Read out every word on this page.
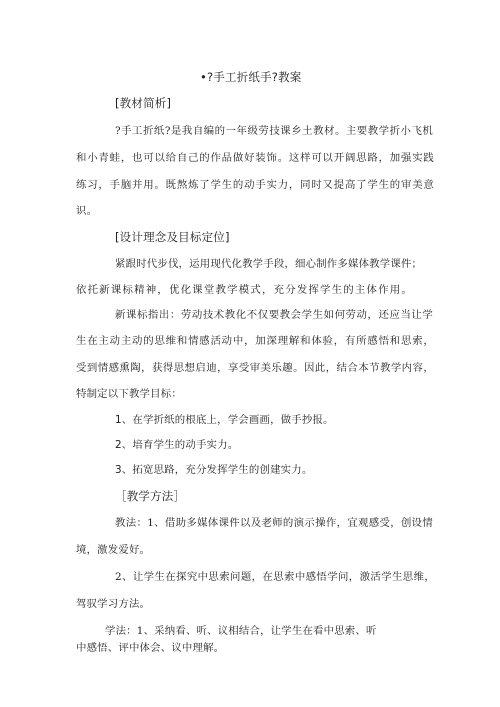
•?手工折纸手?教案
[教材简析]
?手工折纸?是我自编的一年级劳技课乡土教材。主要教学折小飞机
和小青蛙，也可以给自己的作品做好装饰。这样可以开阔思路，加强实践
练习，手脑并用。既熬炼了学生的动手实力，同时又提高了学生的审美意
识。
[设计理念及目标定位]
紧跟时代步伐，运用现代化教学手段，细心制作多媒体教学课件；
依托新课标精神，优化课堂教学模式，充分发挥学生的主体作用。
新课标指出：劳动技术教化不仅要教会学生如何劳动，还应当让学
生在主动主动的思维和情感活动中，加深理解和体验，有所感悟和思索，
受到情感熏陶，获得思想启迪，享受审美乐趣。因此，结合本节教学内容，
特制定以下教学目标：
1、在学折纸的根底上，学会画画，做手抄报。
2、培育学生的动手实力。
3、拓宽思路，充分发挥学生的创建实力。
［教学方法］
教法：1、借助多媒体课件以及老师的演示操作，宜观感受，创设情
境，激发爱好。
2、让学生在探究中思索问题，在思索中感悟学问，激活学生思维，
驾驭学习方法。
学法：1、采纳看、听、议相结合，让学生在看中思索、听
中感悟、评中体会、议中理解。
